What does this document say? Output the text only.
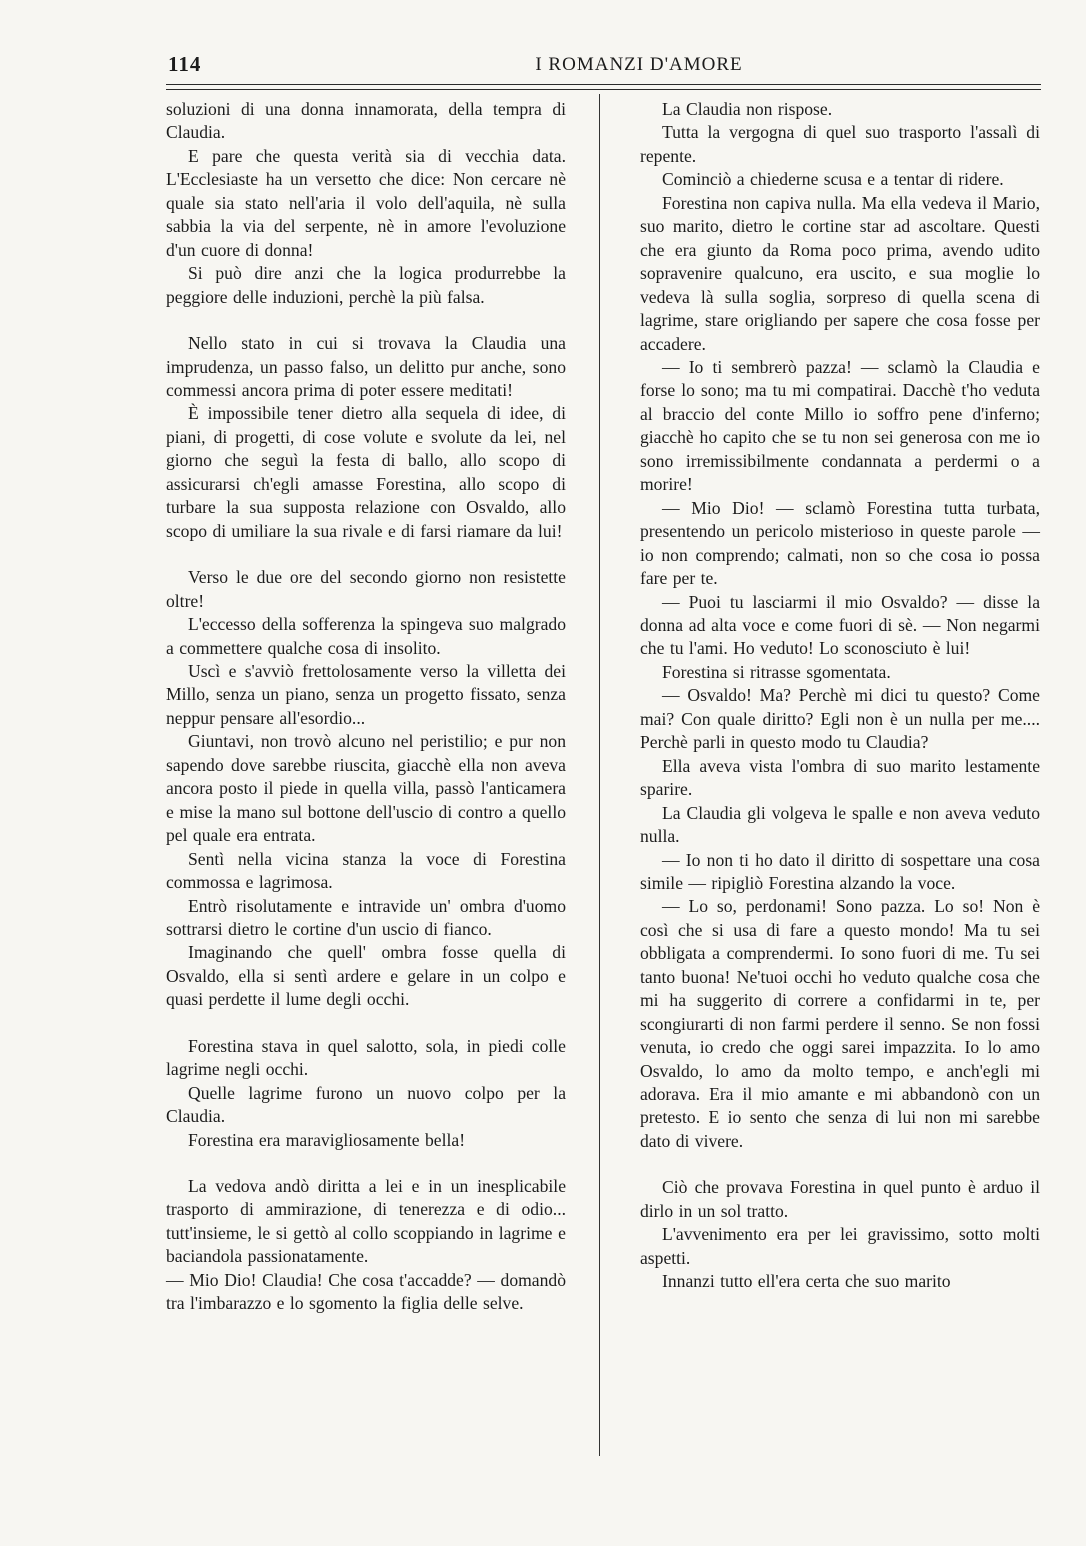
114	I ROMANZI D'AMORE

soluzioni di una donna innamorata, della tempra di Claudia.

E pare che questa verità sia di vecchia data. L'Ecclesiaste ha un versetto che dice: Non cercare nè quale sia stato nell'aria il volo dell'aquila, nè sulla sabbia la via del serpente, nè in amore l'evoluzione d'un cuore di donna!

Si può dire anzi che la logica produrrebbe la peggiore delle induzioni, perchè la più falsa.

Nello stato in cui si trovava la Claudia una imprudenza, un passo falso, un delitto pur anche, sono commessi ancora prima di poter essere meditati!

È impossibile tener dietro alla sequela di idee, di piani, di progetti, di cose volute e svolute da lei, nel giorno che seguì la festa di ballo, allo scopo di assicurarsi ch'egli amasse Forestina, allo scopo di turbare la sua supposta relazione con Osvaldo, allo scopo di umiliare la sua rivale e di farsi riamare da lui!

Verso le due ore del secondo giorno non resistette oltre!

L'eccesso della sofferenza la spingeva suo malgrado a commettere qualche cosa di insolito.

Uscì e s'avviò frettolosamente verso la villetta dei Millo, senza un piano, senza un progetto fissato, senza neppur pensare all'esordio...

Giuntavi, non trovò alcuno nel peristilio; e pur non sapendo dove sarebbe riuscita, giacchè ella non aveva ancora posto il piede in quella villa, passò l'anticamera e mise la mano sul bottone dell'uscio di contro a quello pel quale era entrata.

Sentì nella vicina stanza la voce di Forestina commossa e lagrimosa.

Entrò risolutamente e intravide un' ombra d'uomo sottrarsi dietro le cortine d'un uscio di fianco.

Imaginando che quell' ombra fosse quella di Osvaldo, ella si sentì ardere e gelare in un colpo e quasi perdette il lume degli occhi.

Forestina stava in quel salotto, sola, in piedi colle lagrime negli occhi.

Quelle lagrime furono un nuovo colpo per la Claudia.

Forestina era maravigliosamente bella!

La vedova andò diritta a lei e in un inesplicabile trasporto di ammirazione, di tenerezza e di odio... tutt'insieme, le si gettò al collo scoppiando in lagrime e baciandola passionatamente.

— Mio Dio! Claudia! Che cosa t'accadde? — domandò tra l'imbarazzo e lo sgomento la figlia delle selve.

La Claudia non rispose.

Tutta la vergogna di quel suo trasporto l'assalì di repente.

Cominciò a chiederne scusa e a tentar di ridere.

Forestina non capiva nulla. Ma ella vedeva il Mario, suo marito, dietro le cortine star ad ascoltare. Questi che era giunto da Roma poco prima, avendo udito sopravenire qualcuno, era uscito, e sua moglie lo vedeva là sulla soglia, sorpreso di quella scena di lagrime, stare origliando per sapere che cosa fosse per accadere.

— Io ti sembrerò pazza! — sclamò la Claudia e forse lo sono; ma tu mi compatirai. Dacchè t'ho veduta al braccio del conte Millo io soffro pene d'inferno; giacchè ho capito che se tu non sei generosa con me io sono irremissibilmente condannata a perdermi o a morire!

— Mio Dio! — sclamò Forestina tutta turbata, presentendo un pericolo misterioso in queste parole — io non comprendo; calmati, non so che cosa io possa fare per te.

— Puoi tu lasciarmi il mio Osvaldo? — disse la donna ad alta voce e come fuori di sè. — Non negarmi che tu l'ami. Ho veduto! Lo sconosciuto è lui!

Forestina si ritrasse sgomentata.

— Osvaldo! Ma? Perchè mi dici tu questo? Come mai? Con quale diritto? Egli non è un nulla per me.... Perchè parli in questo modo tu Claudia?

Ella aveva vista l'ombra di suo marito lestamente sparire.

La Claudia gli volgeva le spalle e non aveva veduto nulla.

— Io non ti ho dato il diritto di sospettare una cosa simile — ripigliò Forestina alzando la voce.

— Lo so, perdonami! Sono pazza. Lo so! Non è così che si usa di fare a questo mondo! Ma tu sei obbligata a comprendermi. Io sono fuori di me. Tu sei tanto buona! Ne'tuoi occhi ho veduto qualche cosa che mi ha suggerito di correre a confidarmi in te, per scongiurarti di non farmi perdere il senno. Se non fossi venuta, io credo che oggi sarei impazzita. Io lo amo Osvaldo, lo amo da molto tempo, e anch'egli mi adorava. Era il mio amante e mi abbandonò con un pretesto. E io sento che senza di lui non mi sarebbe dato di vivere.

Ciò che provava Forestina in quel punto è arduo il dirlo in un sol tratto.

L'avvenimento era per lei gravissimo, sotto molti aspetti.

Innanzi tutto ell'era certa che suo marito
